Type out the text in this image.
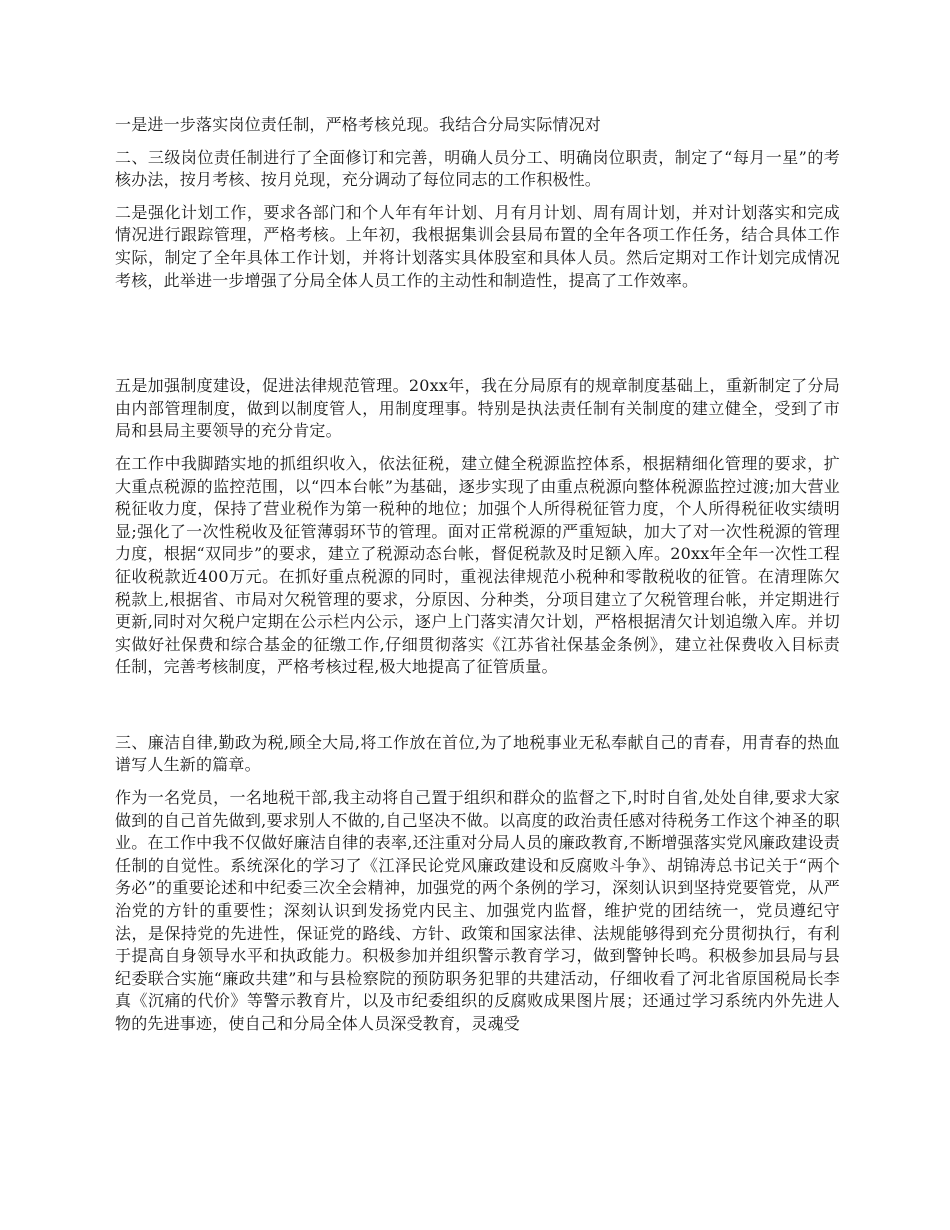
一是进一步落实岗位责任制，严格考核兑现。我结合分局实际情况对

二、三级岗位责任制进行了全面修订和完善，明确人员分工、明确岗位职责，制定了“每月一星”的考核办法，按月考核、按月兑现，充分调动了每位同志的工作积极性。

二是强化计划工作，要求各部门和个人年有年计划、月有月计划、周有周计划，并对计划落实和完成情况进行跟踪管理，严格考核。上年初，我根据集训会县局布置的全年各项工作任务，结合具体工作实际，制定了全年具体工作计划，并将计划落实具体股室和具体人员。然后定期对工作计划完成情况考核，此举进一步增强了分局全体人员工作的主动性和制造性，提高了工作效率。

五是加强制度建设，促进法律规范管理。20xx年，我在分局原有的规章制度基础上，重新制定了分局由内部管理制度，做到以制度管人，用制度理事。特别是执法责任制有关制度的建立健全，受到了市局和县局主要领导的充分肯定。

在工作中我脚踏实地的抓组织收入，依法征税，建立健全税源监控体系，根据精细化管理的要求，扩大重点税源的监控范围，以“四本台帐”为基础，逐步实现了由重点税源向整体税源监控过渡;加大营业税征收力度，保持了营业税作为第一税种的地位；加强个人所得税征管力度，个人所得税征收实绩明显;强化了一次性税收及征管薄弱环节的管理。面对正常税源的严重短缺，加大了对一次性税源的管理力度，根据“双同步”的要求，建立了税源动态台帐，督促税款及时足额入库。20xx年全年一次性工程征收税款近400万元。在抓好重点税源的同时，重视法律规范小税种和零散税收的征管。在清理陈欠税款上,根据省、市局对欠税管理的要求，分原因、分种类，分项目建立了欠税管理台帐，并定期进行更新,同时对欠税户定期在公示栏内公示，逐户上门落实清欠计划，严格根据清欠计划追缴入库。并切实做好社保费和综合基金的征缴工作,仔细贯彻落实《江苏省社保基金条例》，建立社保费收入目标责任制，完善考核制度，严格考核过程,极大地提高了征管质量。

三、廉洁自律,勤政为税,顾全大局,将工作放在首位,为了地税事业无私奉献自己的青春，用青春的热血谱写人生新的篇章。

作为一名党员，一名地税干部,我主动将自己置于组织和群众的监督之下,时时自省,处处自律,要求大家做到的自己首先做到,要求别人不做的,自己坚决不做。以高度的政治责任感对待税务工作这个神圣的职业。在工作中我不仅做好廉洁自律的表率,还注重对分局人员的廉政教育,不断增强落实党风廉政建设责任制的自觉性。系统深化的学习了《江泽民论党风廉政建设和反腐败斗争》、胡锦涛总书记关于“两个务必”的重要论述和中纪委三次全会精神，加强党的两个条例的学习，深刻认识到坚持党要管党，从严治党的方针的重要性；深刻认识到发扬党内民主、加强党内监督，维护党的团结统一，党员遵纪守法，是保持党的先进性，保证党的路线、方针、政策和国家法律、法规能够得到充分贯彻执行，有利于提高自身领导水平和执政能力。积极参加并组织警示教育学习，做到警钟长鸣。积极参加县局与县纪委联合实施“廉政共建”和与县检察院的预防职务犯罪的共建活动，仔细收看了河北省原国税局长李真《沉痛的代价》等警示教育片，以及市纪委组织的反腐败成果图片展；还通过学习系统内外先进人物的先进事迹，使自己和分局全体人员深受教育，灵魂受
